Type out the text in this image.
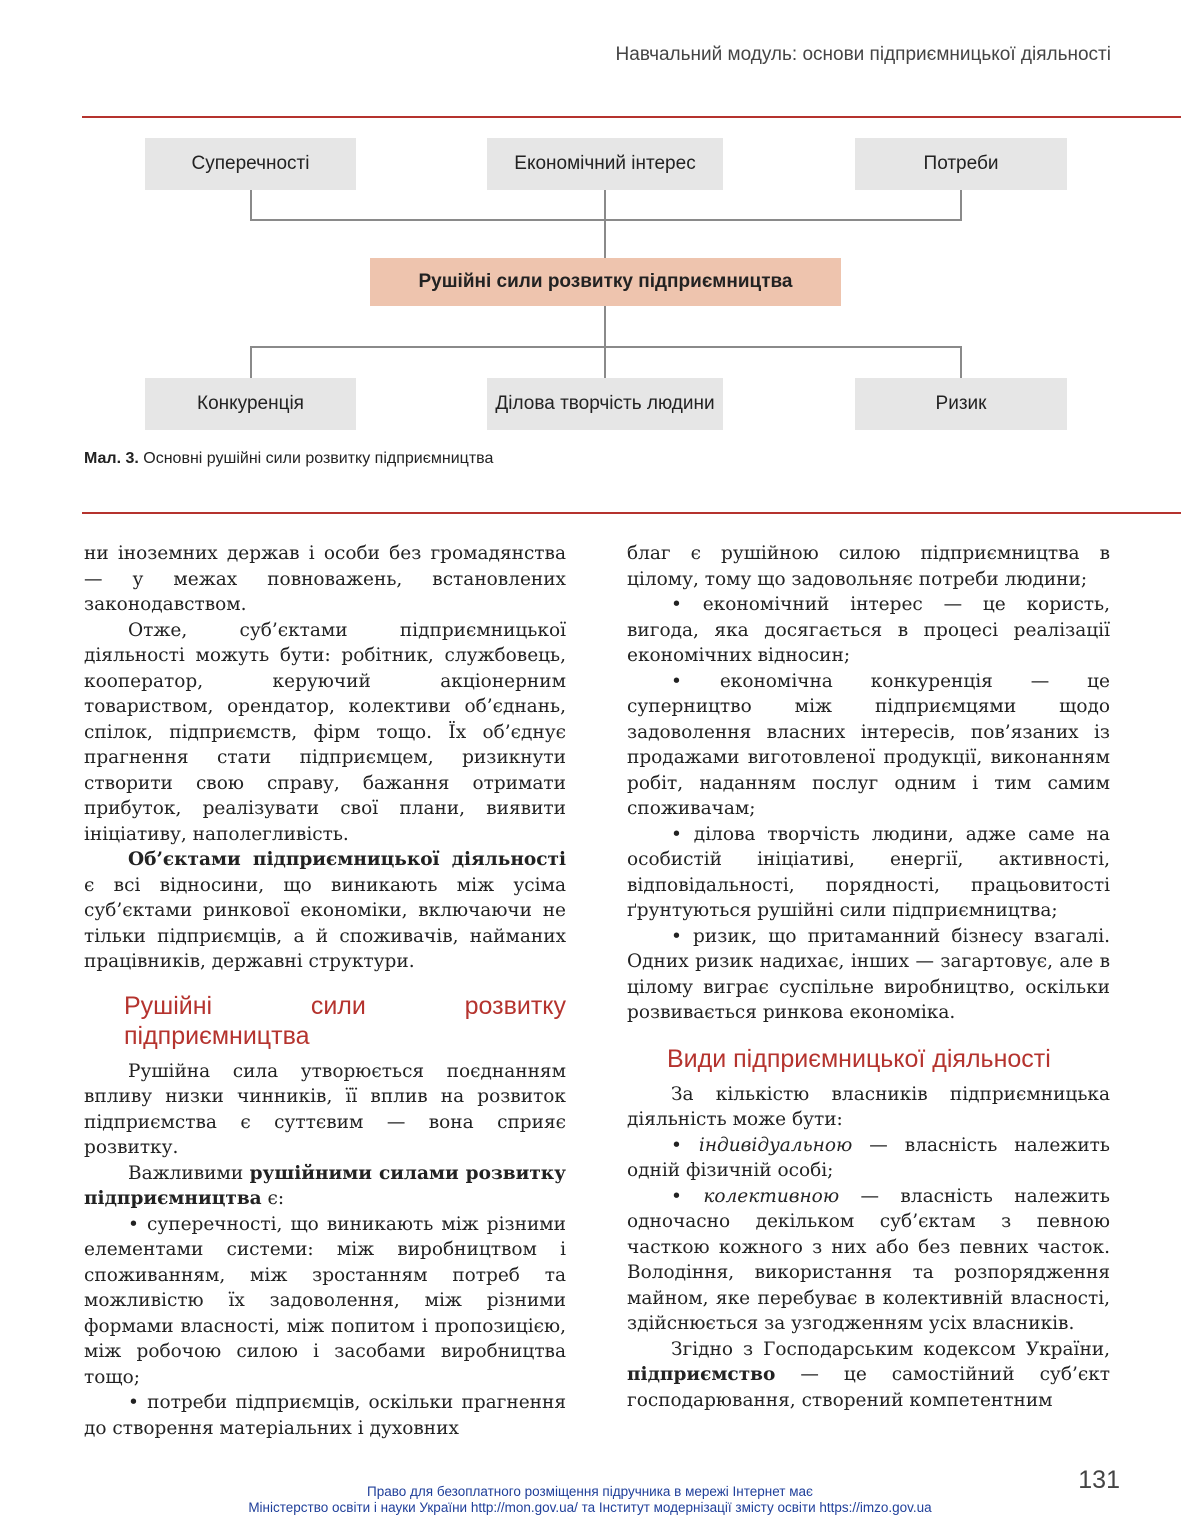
Навчальний модуль: основи підприємницької діяльності
Суперечності	Економічний інтерес	Потреби
Рушійні сили розвитку підприємництва
Конкуренція	Ділова творчість людини	Ризик
Мал. 3. Основні рушійні сили розвитку підприємництва

ни іноземних держав і особи без громадянства — у межах повноважень, встановлених законодавством.

Отже, суб’єктами підприємницької діяльності можуть бути: робітник, службовець, кооператор, керуючий акціонерним товариством, орендатор, колективи об’єднань, спілок, підприємств, фірм тощо. Їх об’єднує прагнення стати підприємцем, ризикнути створити свою справу, бажання отримати прибуток, реалізувати свої плани, виявити ініціативу, наполегливість.

Об’єктами підприємницької діяльності є всі відносини, що виникають між усіма суб’єктами ринкової економіки, включаючи не тільки підприємців, а й споживачів, найманих працівників, державні структури.

Рушійні сили розвитку підприємництва

Рушійна сила утворюється поєднанням впливу низки чинників, її вплив на розвиток підприємства є суттєвим — вона сприяє розвитку.

Важливими рушійними силами розвитку підприємництва є:

• суперечності, що виникають між різними елементами системи: між виробництвом і споживанням, між зростанням потреб та можливістю їх задоволення, між різними формами власності, між попитом і пропозицією, між робочою силою і засобами виробництва тощо;

• потреби підприємців, оскільки прагнення до створення матеріальних і духовних

благ є рушійною силою підприємництва в цілому, тому що задовольняє потреби людини;

• економічний інтерес — це користь, вигода, яка досягається в процесі реалізації економічних відносин;

• економічна конкуренція — це суперництво між підприємцями щодо задоволення власних інтересів, пов’язаних із продажами виготовленої продукції, виконанням робіт, наданням послуг одним і тим самим споживачам;

• ділова творчість людини, адже саме на особистій ініціативі, енергії, активності, відповідальності, порядності, працьовитості ґрунтуються рушійні сили підприємництва;

• ризик, що притаманний бізнесу взагалі. Одних ризик надихає, інших — загартовує, але в цілому виграє суспільне виробництво, оскільки розвивається ринкова економіка.

Види підприємницької діяльності

За кількістю власників підприємницька діяльність може бути:

• індивідуальною — власність належить одній фізичній особі;

• колективною — власність належить одночасно декільком суб’єктам з певною часткою кожного з них або без певних часток. Володіння, використання та розпорядження майном, яке перебуває в колективній власності, здійснюється за узгодженням усіх власників.

Згідно з Господарським кодексом України, підприємство — це самостійний суб’єкт господарювання, створений компетентним

Право для безоплатного розміщення підручника в мережі Інтернет має
Міністерство освіти і науки України http://mon.gov.ua/ та Інститут модернізації змісту освіти https://imzo.gov.ua
131
